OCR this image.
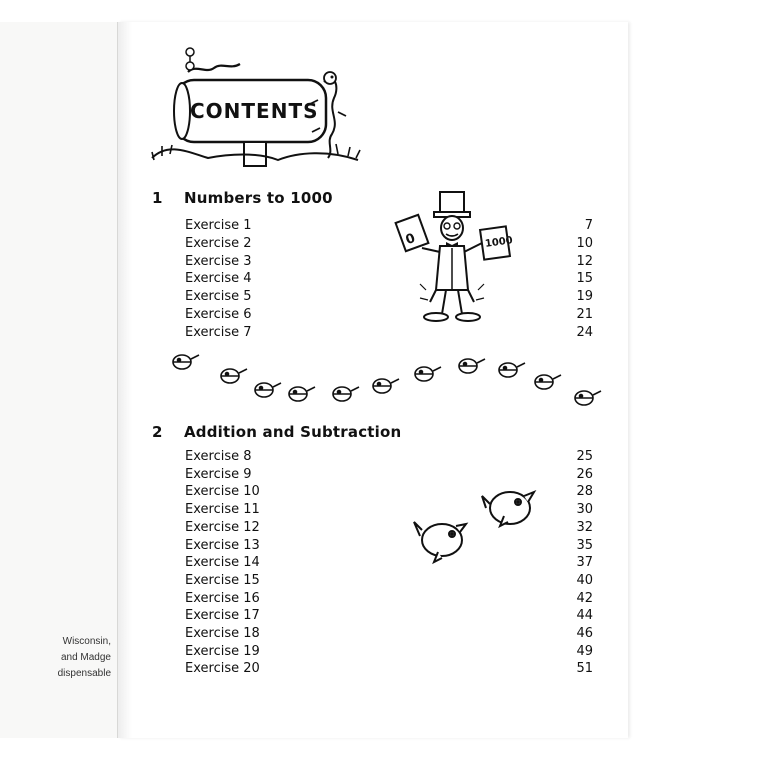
Wisconsin,
and Madge
dispensable
CONTENTS
0	1000
1 Numbers to 1000
Exercise 1	7
Exercise 2	10
Exercise 3	12
Exercise 4	15
Exercise 5	19
Exercise 6	21
Exercise 7	24
2 Addition and Subtraction
Exercise 8	25
Exercise 9	26
Exercise 10	28
Exercise 11	30
Exercise 12	32
Exercise 13	35
Exercise 14	37
Exercise 15	40
Exercise 16	42
Exercise 17	44
Exercise 18	46
Exercise 19	49
Exercise 20	51
